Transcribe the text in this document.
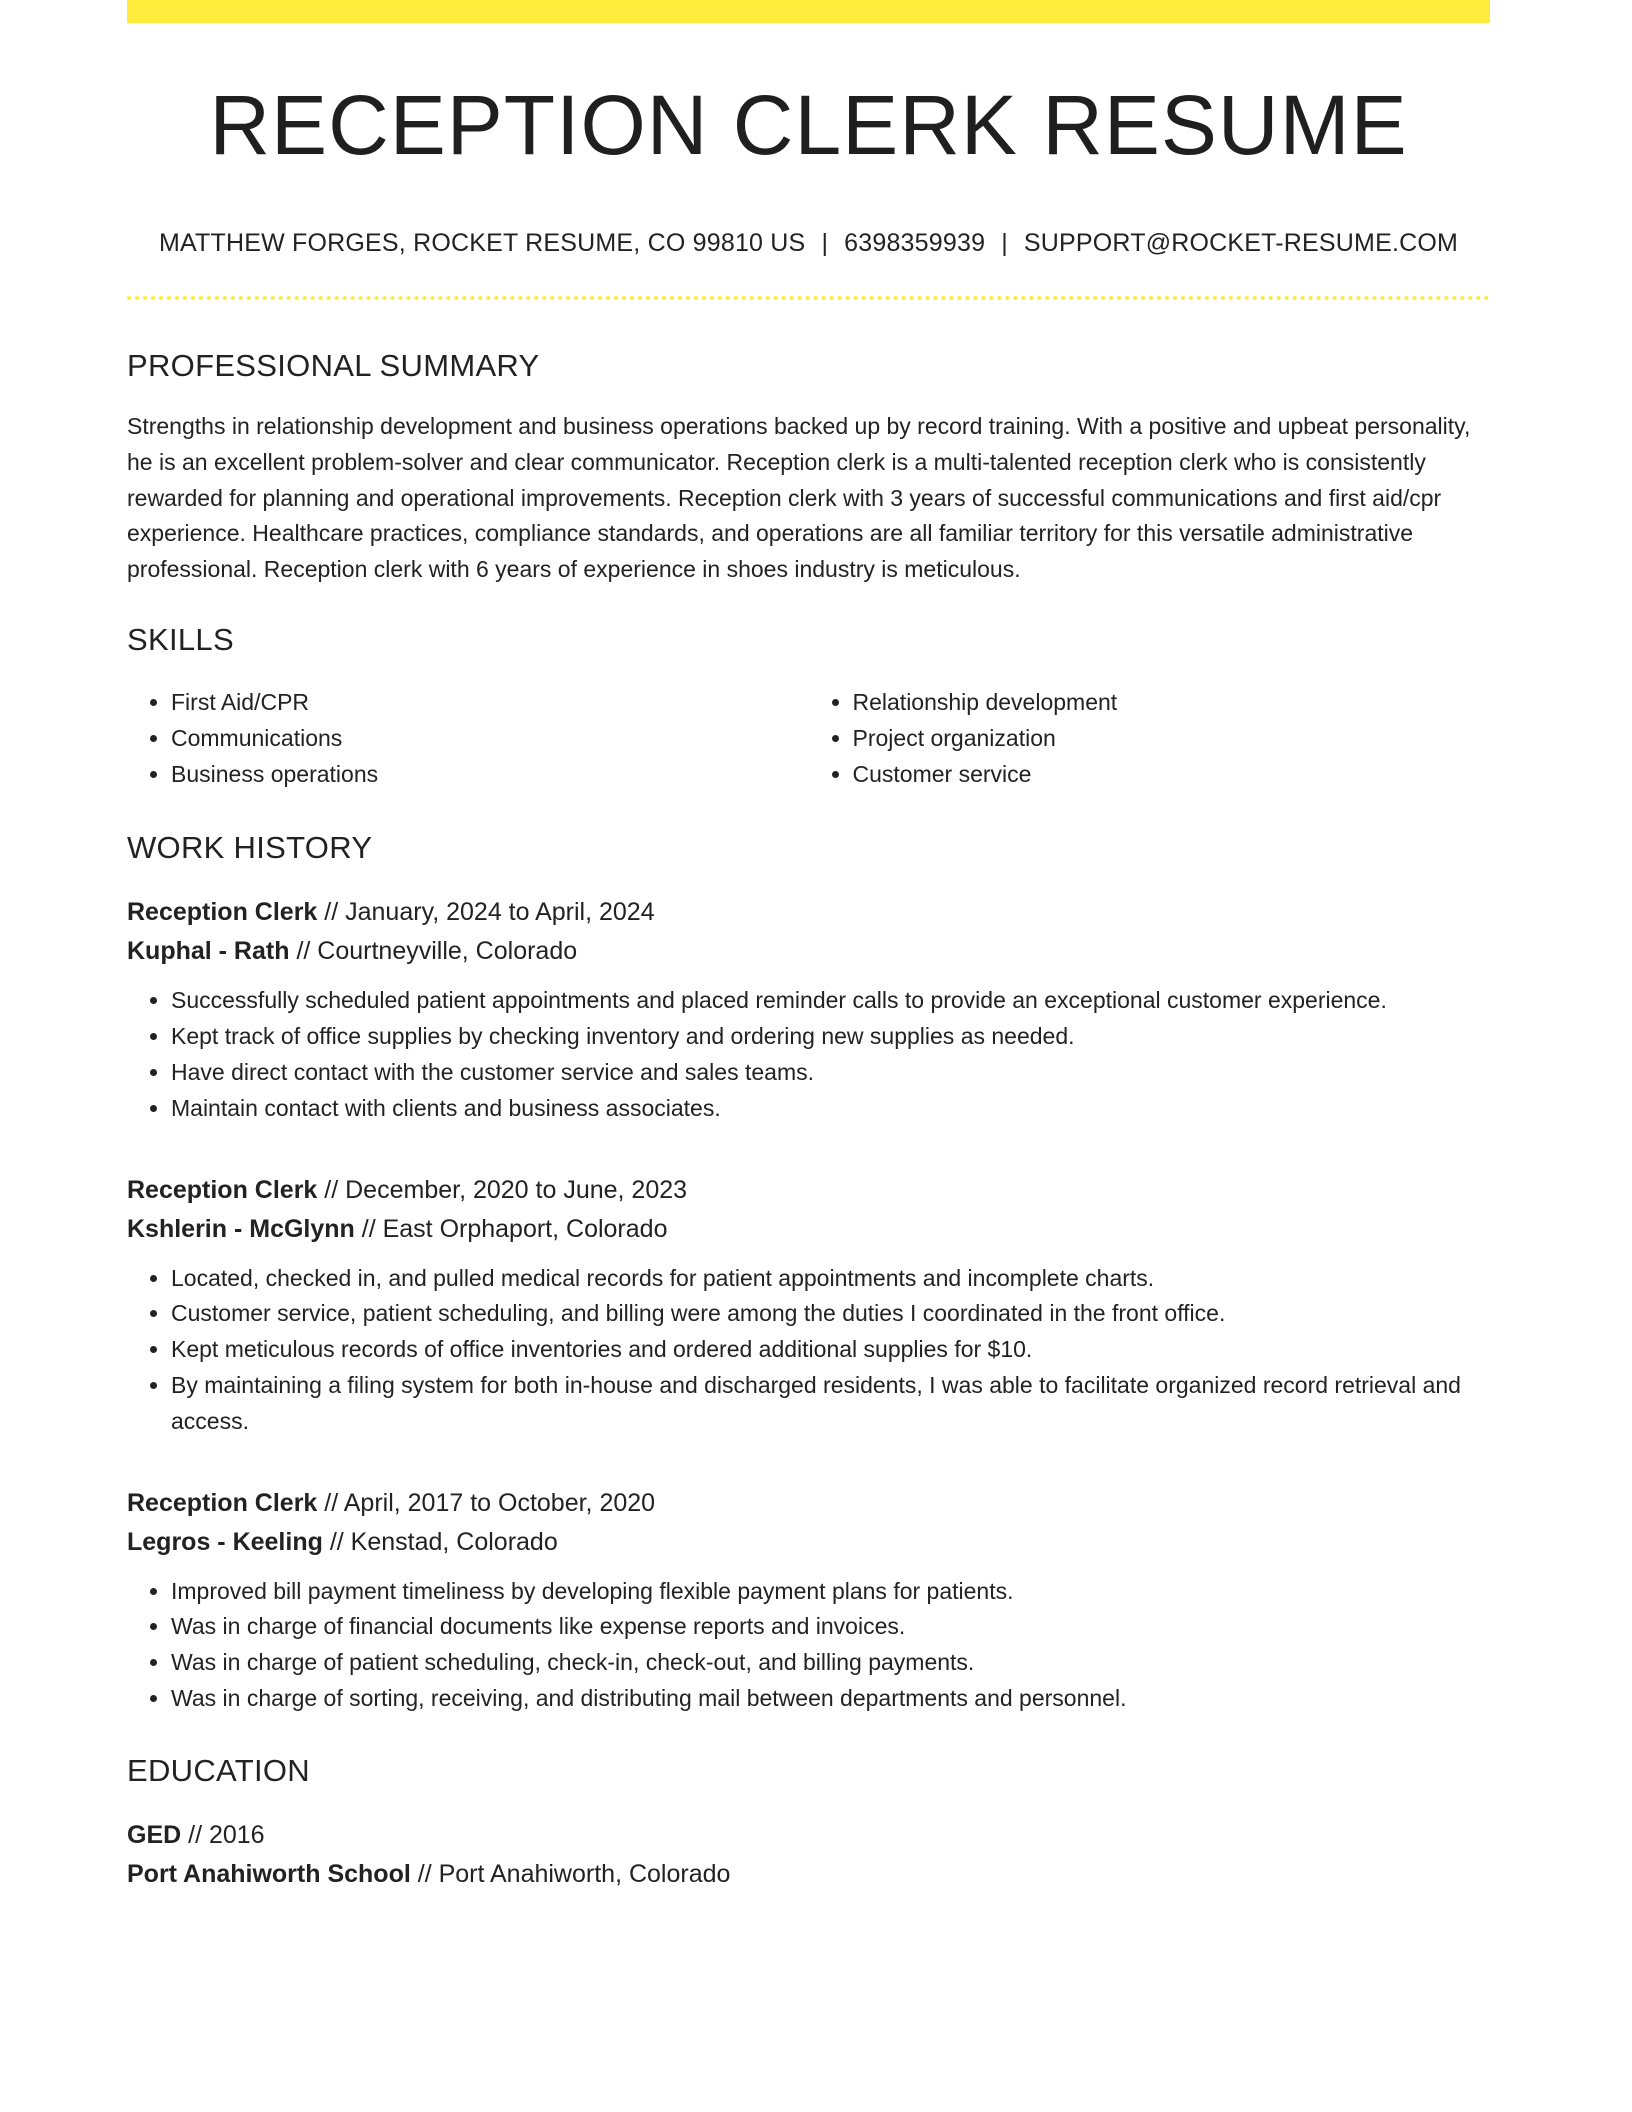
RECEPTION CLERK RESUME
MATTHEW FORGES, ROCKET RESUME, CO 99810 US | 6398359939 | SUPPORT@ROCKET-RESUME.COM
PROFESSIONAL SUMMARY
Strengths in relationship development and business operations backed up by record training. With a positive and upbeat personality, he is an excellent problem-solver and clear communicator. Reception clerk is a multi-talented reception clerk who is consistently rewarded for planning and operational improvements. Reception clerk with 3 years of successful communications and first aid/cpr experience. Healthcare practices, compliance standards, and operations are all familiar territory for this versatile administrative professional. Reception clerk with 6 years of experience in shoes industry is meticulous.
SKILLS
• First Aid/CPR
• Communications
• Business operations
• Relationship development
• Project organization
• Customer service
WORK HISTORY
Reception Clerk // January, 2024 to April, 2024
Kuphal - Rath // Courtneyville, Colorado
• Successfully scheduled patient appointments and placed reminder calls to provide an exceptional customer experience.
• Kept track of office supplies by checking inventory and ordering new supplies as needed.
• Have direct contact with the customer service and sales teams.
• Maintain contact with clients and business associates.
Reception Clerk // December, 2020 to June, 2023
Kshlerin - McGlynn // East Orphaport, Colorado
• Located, checked in, and pulled medical records for patient appointments and incomplete charts.
• Customer service, patient scheduling, and billing were among the duties I coordinated in the front office.
• Kept meticulous records of office inventories and ordered additional supplies for $10.
• By maintaining a filing system for both in-house and discharged residents, I was able to facilitate organized record retrieval and access.
Reception Clerk // April, 2017 to October, 2020
Legros - Keeling // Kenstad, Colorado
• Improved bill payment timeliness by developing flexible payment plans for patients.
• Was in charge of financial documents like expense reports and invoices.
• Was in charge of patient scheduling, check-in, check-out, and billing payments.
• Was in charge of sorting, receiving, and distributing mail between departments and personnel.
EDUCATION
GED // 2016
Port Anahiworth School // Port Anahiworth, Colorado
